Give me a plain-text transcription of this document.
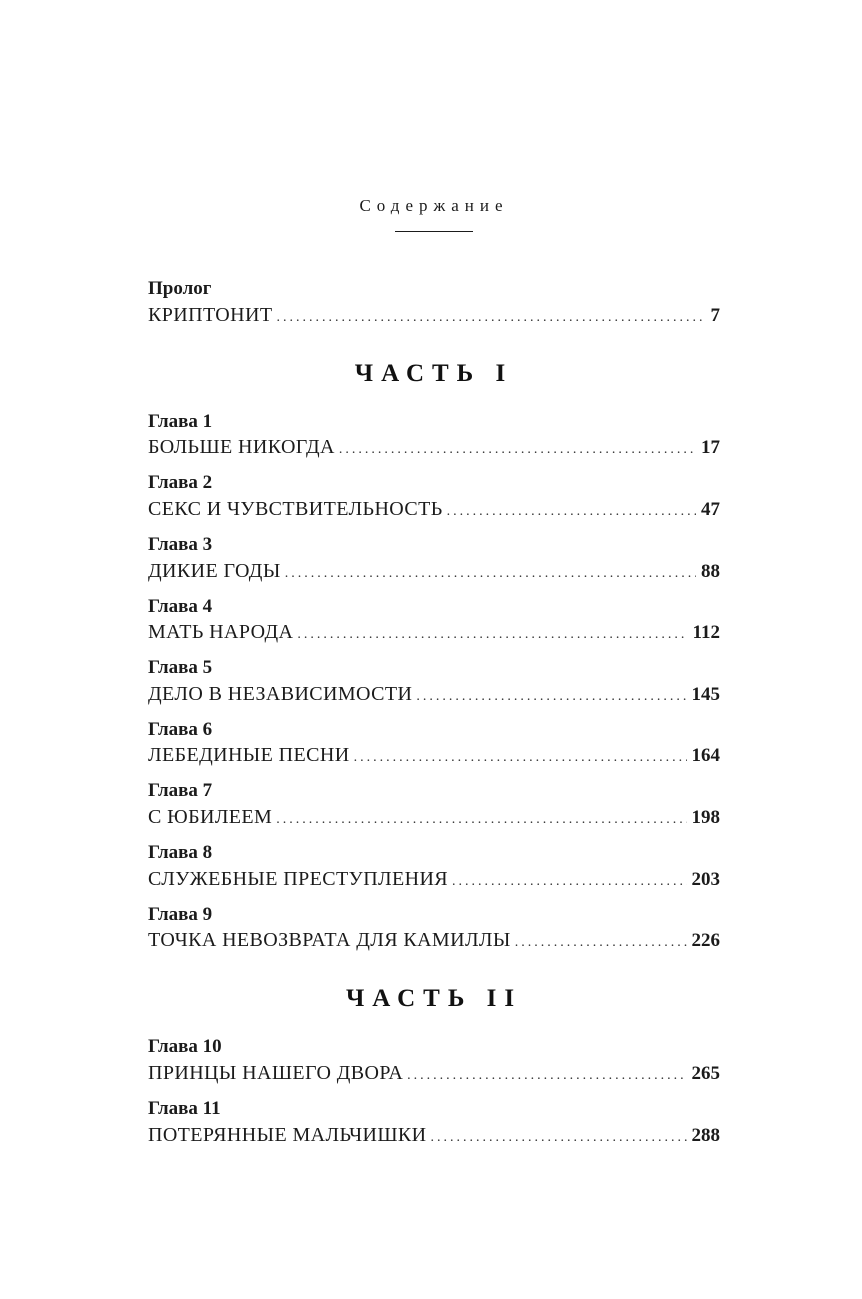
Содержание
Пролог
КРИПТОНИТ .....	7
ЧАСТЬ I
Глава 1
БОЛЬШЕ НИКОГДА .....	17
Глава 2
СЕКС И ЧУВСТВИТЕЛЬНОСТЬ .....	47
Глава 3
ДИКИЕ ГОДЫ .....	88
Глава 4
МАТЬ НАРОДА .....	112
Глава 5
ДЕЛО В НЕЗАВИСИМОСТИ .....	145
Глава 6
ЛЕБЕДИНЫЕ ПЕСНИ .....	164
Глава 7
С ЮБИЛЕЕМ .....	198
Глава 8
СЛУЖЕБНЫЕ ПРЕСТУПЛЕНИЯ .....	203
Глава 9
ТОЧКА НЕВОЗВРАТА ДЛЯ КАМИЛЛЫ .....	226
ЧАСТЬ II
Глава 10
ПРИНЦЫ НАШЕГО ДВОРА .....	265
Глава 11
ПОТЕРЯННЫЕ МАЛЬЧИШКИ .....	288
